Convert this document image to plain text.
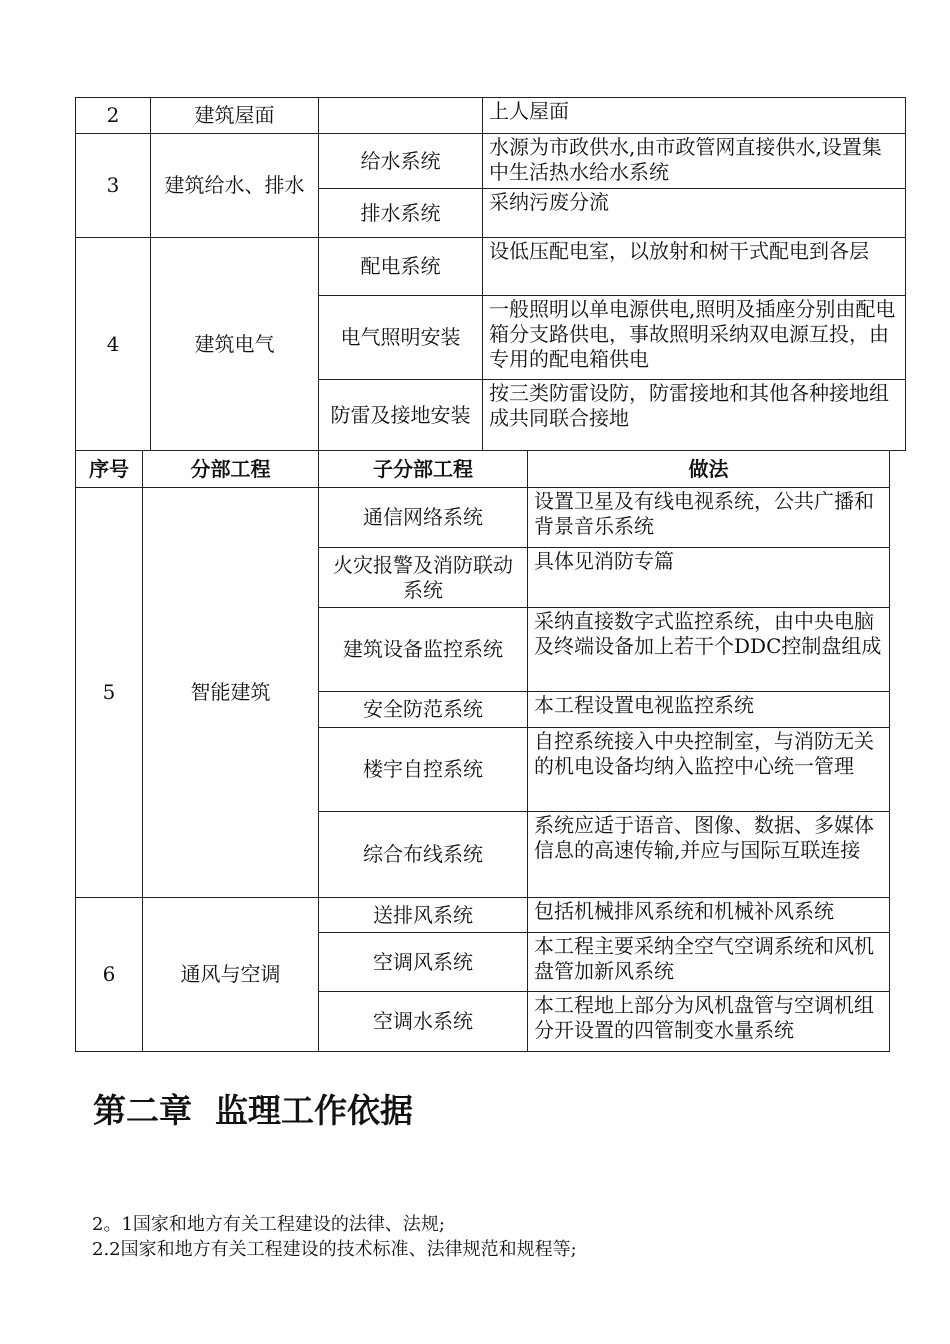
2	建筑屋面		上人屋面
3	建筑给水、排水	给水系统	水源为市政供水,由市政管网直接供水,设置集中生活热水给水系统
		排水系统	采纳污废分流
4	建筑电气	配电系统	设低压配电室，以放射和树干式配电到各层
		电气照明安装	一般照明以单电源供电,照明及插座分别由配电箱分支路供电，事故照明采纳双电源互投，由专用的配电箱供电
		防雷及接地安装	按三类防雷设防，防雷接地和其他各种接地组成共同联合接地
序号	分部工程	子分部工程	做法
5	智能建筑	通信网络系统	设置卫星及有线电视系统，公共广播和背景音乐系统
		火灾报警及消防联动系统	具体见消防专篇
		建筑设备监控系统	采纳直接数字式监控系统，由中央电脑及终端设备加上若干个DDC控制盘组成
		安全防范系统	本工程设置电视监控系统
		楼宇自控系统	自控系统接入中央控制室，与消防无关的机电设备均纳入监控中心统一管理
		综合布线系统	系统应适于语音、图像、数据、多媒体信息的高速传输,并应与国际互联连接
6	通风与空调	送排风系统	包括机械排风系统和机械补风系统
		空调风系统	本工程主要采纳全空气空调系统和风机盘管加新风系统
		空调水系统	本工程地上部分为风机盘管与空调机组分开设置的四管制变水量系统
第二章  监理工作依据

2。1国家和地方有关工程建设的法律、法规;

2.2国家和地方有关工程建设的技术标准、法律规范和规程等;
